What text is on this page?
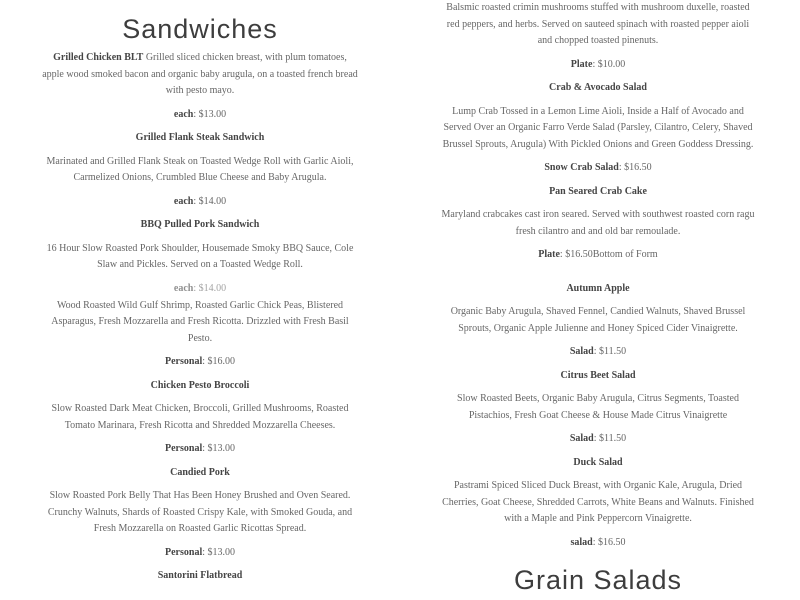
Sandwiches

Grilled Chicken BLT Grilled sliced chicken breast, with plum tomatoes, apple wood smoked bacon and organic baby arugula, on a toasted french bread with pesto mayo.

each: $13.00

Grilled Flank Steak Sandwich

Marinated and Grilled Flank Steak on Toasted Wedge Roll with Garlic Aioli, Carmelized Onions, Crumbled Blue Cheese and Baby Arugula.

each: $14.00

BBQ Pulled Pork Sandwich

16 Hour Slow Roasted Pork Shoulder, Housemade Smoky BBQ Sauce, Cole Slaw and Pickles. Served on a Toasted Wedge Roll.

each: $14.00

Wood Roasted Wild Gulf Shrimp, Roasted Garlic Chick Peas, Blistered Asparagus, Fresh Mozzarella and Fresh Ricotta. Drizzled with Fresh Basil Pesto.

Personal: $16.00

Chicken Pesto Broccoli

Slow Roasted Dark Meat Chicken, Broccoli, Grilled Mushrooms, Roasted Tomato Marinara, Fresh Ricotta and Shredded Mozzarella Cheeses.

Personal: $13.00

Candied Pork

Slow Roasted Pork Belly That Has Been Honey Brushed and Oven Seared. Crunchy Walnuts, Shards of Roasted Crispy Kale, with Smoked Gouda, and Fresh Mozzarella on Roasted Garlic Ricottas Spread.

Personal: $13.00

Santorini Flatbread

Balsmic roasted crimin mushrooms stuffed with mushroom duxelle, roasted red peppers, and herbs. Served on sauteed spinach with roasted pepper aioli and chopped toasted pinenuts.

Plate: $10.00

Crab & Avocado Salad

Lump Crab Tossed in a Lemon Lime Aioli, Inside a Half of Avocado and Served Over an Organic Farro Verde Salad (Parsley, Cilantro, Celery, Shaved Brussel Sprouts, Arugula) With Pickled Onions and Green Goddess Dressing.

Snow Crab Salad: $16.50

Pan Seared Crab Cake

Maryland crabcakes cast iron seared. Served with southwest roasted corn ragu fresh cilantro and and old bar remoulade.

Plate: $16.50Bottom of Form

Autumn Apple

Organic Baby Arugula, Shaved Fennel, Candied Walnuts, Shaved Brussel Sprouts, Organic Apple Julienne and Honey Spiced Cider Vinaigrette.

Salad: $11.50

Citrus Beet Salad

Slow Roasted Beets, Organic Baby Arugula, Citrus Segments, Toasted Pistachios, Fresh Goat Cheese & House Made Citrus Vinaigrette

Salad: $11.50

Duck Salad

Pastrami Spiced Sliced Duck Breast, with Organic Kale, Arugula, Dried Cherries, Goat Cheese, Shredded Carrots, White Beans and Walnuts. Finished with a Maple and Pink Peppercorn Vinaigrette.

salad: $16.50

Grain Salads
